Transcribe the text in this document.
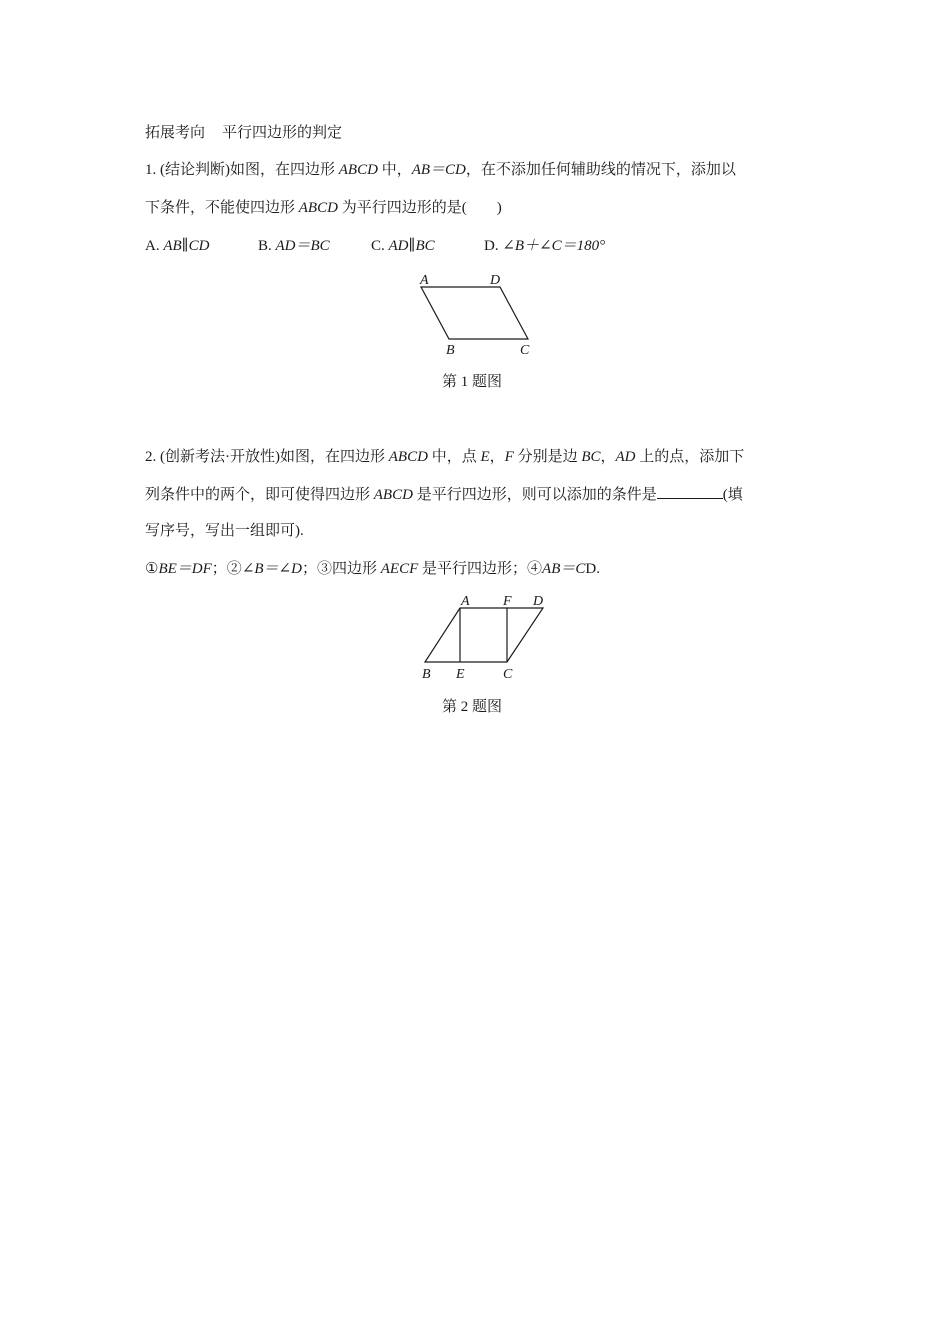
拓展考向 平行四边形的判定
1. (结论判断)如图，在四边形 ABCD 中，AB＝CD，在不添加任何辅助线的情况下，添加以
下条件，不能使四边形 ABCD 为平行四边形的是( )
A. AB∥CD	B. AD＝BC	C. AD∥BC	D. ∠B＋∠C＝180°
A	D
B	C
第 1 题图
2. (创新考法·开放性)如图，在四边形 ABCD 中，点 E，F 分别是边 BC，AD 上的点，添加下
列条件中的两个，即可使得四边形 ABCD 是平行四边形，则可以添加的条件是	(填
写序号，写出一组即可).
①BE＝DF；②∠B＝∠D；③四边形 AECF 是平行四边形；④AB＝CD.
A F D
B E	C
第 2 题图
